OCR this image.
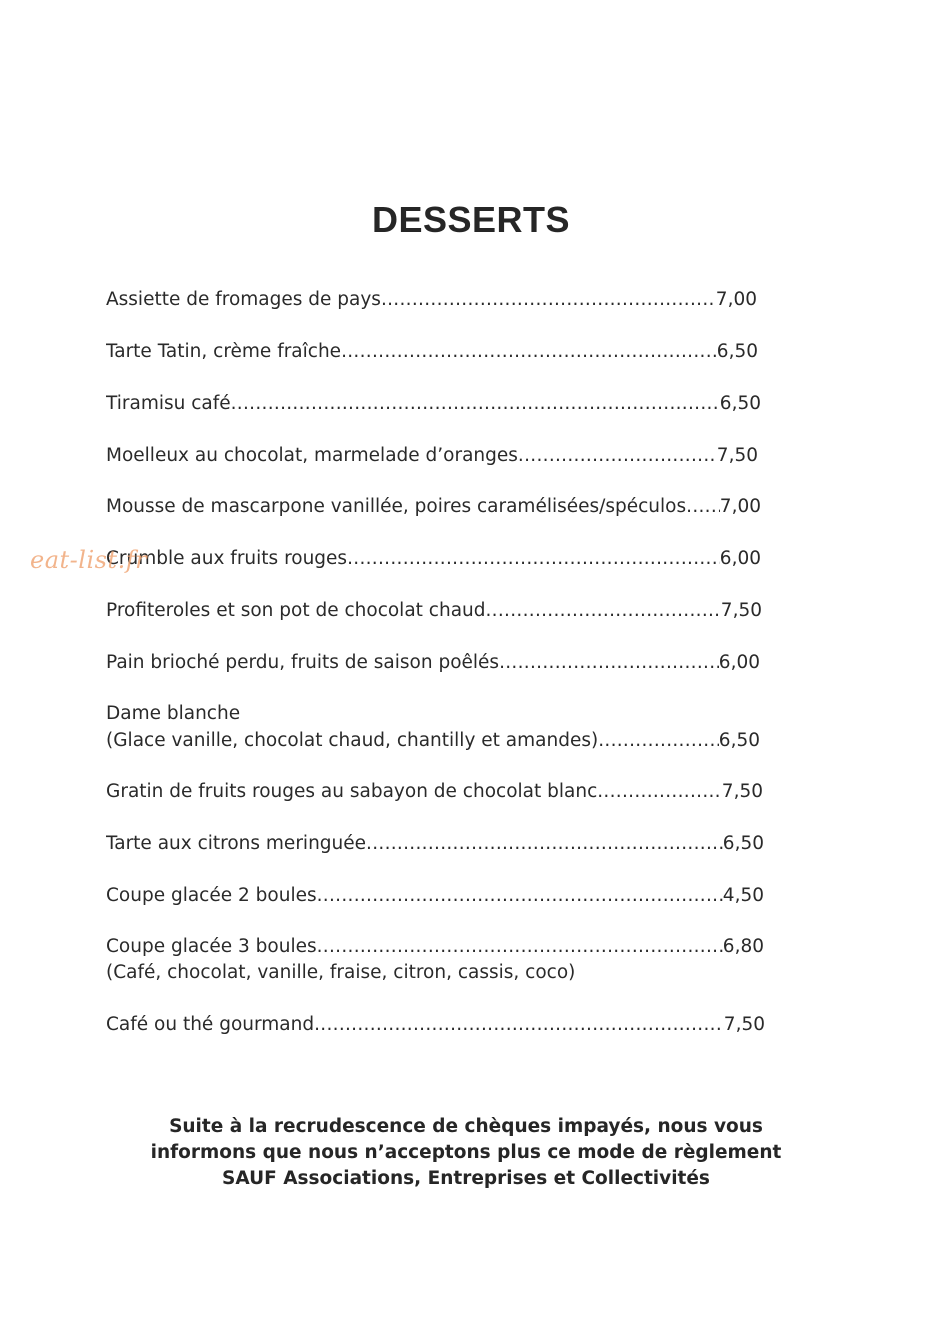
DESSERTS
Assiette de fromages de pays .....	7,00
Tarte Tatin, crème fraîche .....	6,50
Tiramisu café .....	6,50
Moelleux au chocolat, marmelade d’oranges .....	7,50
Mousse de mascarpone vanillée, poires caramélisées/spéculos ..... 7,00
Crumble aux fruits rouges .....	6,00
Profiteroles et son pot de chocolat chaud .....	7,50
Pain brioché perdu, fruits de saison poêlés .....	6,00
Dame blanche
(Glace vanille, chocolat chaud, chantilly et amandes) .....	6,50
Gratin de fruits rouges au sabayon de chocolat blanc .....	7,50
Tarte aux citrons meringuée .....	6,50
Coupe glacée 2 boules .....	4,50
Coupe glacée 3 boules .....	6,80
(Café, chocolat, vanille, fraise, citron, cassis, coco)
Café ou thé gourmand .....	7,50
Suite à la recrudescence de chèques impayés, nous vous
informons que nous n’acceptons plus ce mode de règlement
SAUF Associations, Entreprises et Collectivités
eat-list.fr
